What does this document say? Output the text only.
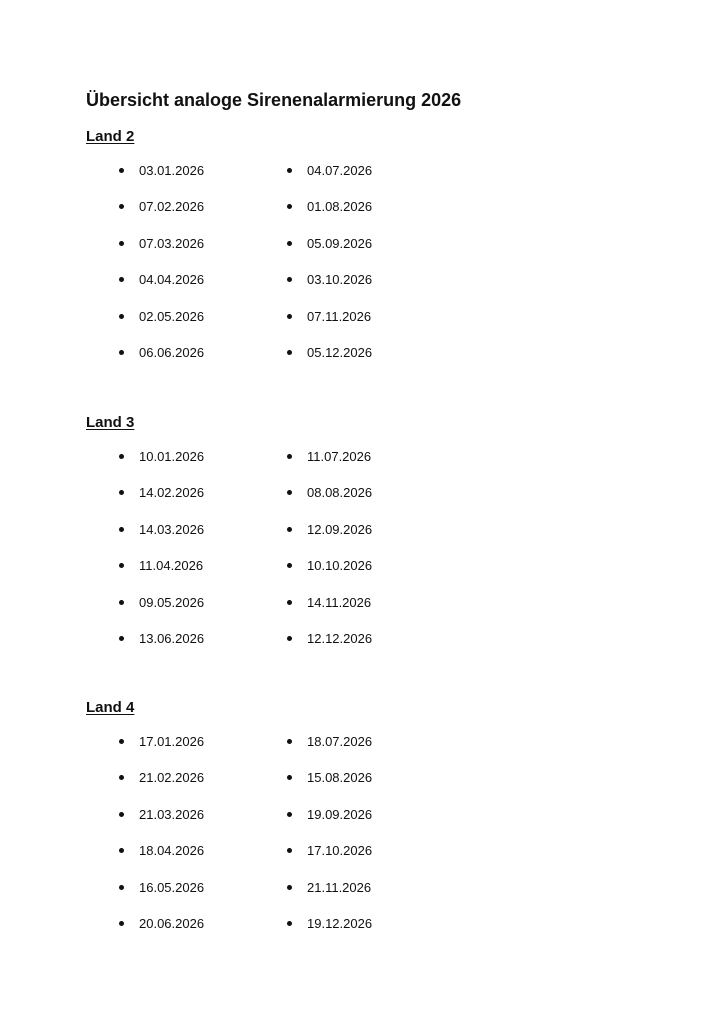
Übersicht analoge Sirenenalarmierung 2026
Land 2
03.01.2026
07.02.2026
07.03.2026
04.04.2026
02.05.2026
06.06.2026
04.07.2026
01.08.2026
05.09.2026
03.10.2026
07.11.2026
05.12.2026
Land 3
10.01.2026
14.02.2026
14.03.2026
11.04.2026
09.05.2026
13.06.2026
11.07.2026
08.08.2026
12.09.2026
10.10.2026
14.11.2026
12.12.2026
Land 4
17.01.2026
21.02.2026
21.03.2026
18.04.2026
16.05.2026
20.06.2026
18.07.2026
15.08.2026
19.09.2026
17.10.2026
21.11.2026
19.12.2026
